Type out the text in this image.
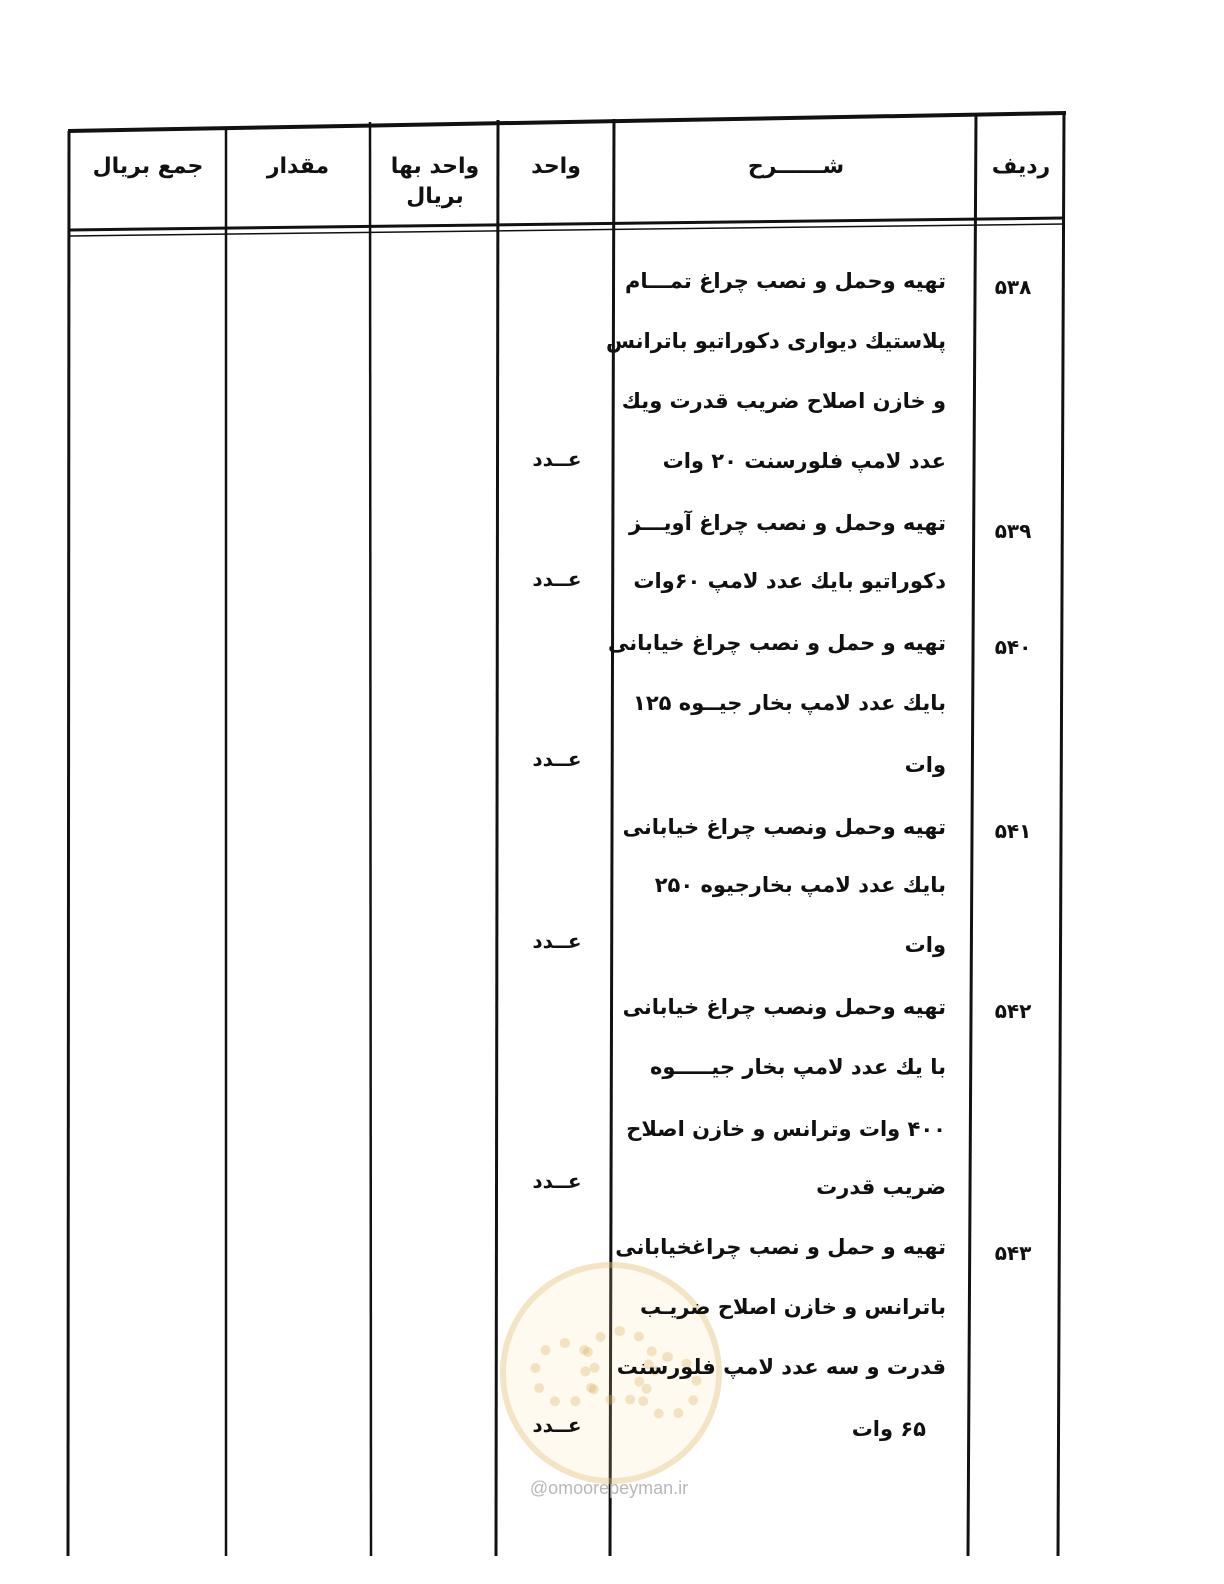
ردیف
شــــــرح
واحد
واحد بها
بریال
مقدار
جمع بریال
۵۳۸
تهیه وحمل و نصب چراغ تمـــام
پلاستیك دیواری دكوراتیو باترانس
و خازن اصلاح ضریب قدرت ویك
عدد لامپ فلورسنت ۲۰ وات
عــدد
۵۳۹
تهیه وحمل و نصب چراغ آویـــز
دكوراتیو بایك عدد لامپ ۶۰وات
عــدد
۵۴۰
تهیه و حمل و نصب چراغ خیابانی
بایك عدد لامپ بخار جیــوه ۱۲۵
وات
عــدد
۵۴۱
تهیه وحمل ونصب چراغ خیابانی
بایك عدد لامپ بخارجیوه ۲۵۰
وات
عــدد
۵۴۲
تهیه وحمل ونصب چراغ خیابانی
با یك عدد لامپ بخار جیـــــوه
۴۰۰ وات وترانس و خازن اصلاح
ضریب قدرت
عــدد
@omoorepeyman.ir
۵۴۳
تهیه و حمل و نصب چراغخیابانی
باترانس و خازن اصلاح ضریـب
قدرت و سه عدد لامپ فلورسنت
۶۵ وات
عــدد
